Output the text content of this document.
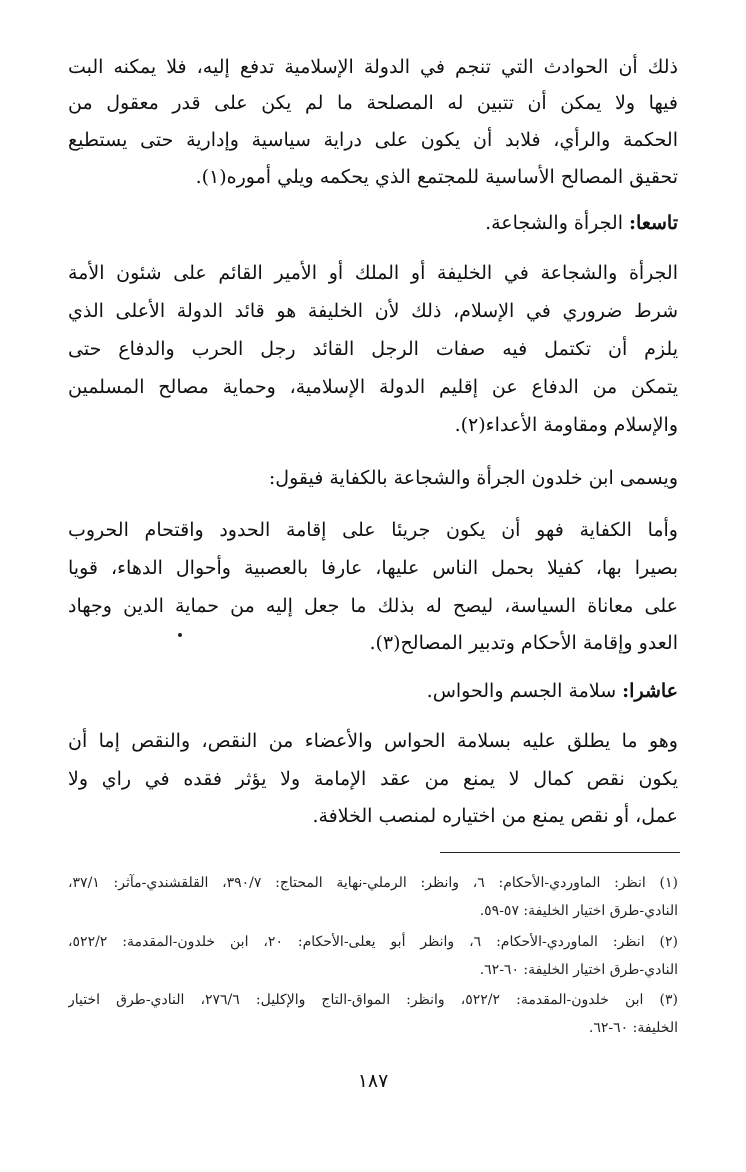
ذلك أن الحوادث التي تنجم في الدولة الإسلامية تدفع إليه، فلا يمكنه البت
فيها ولا يمكن أن تتبين له المصلحة ما لم يكن على قدر معقول من
الحكمة والرأي، فلابد أن يكون على دراية سياسية وإدارية حتى يستطيع
تحقيق المصالح الأساسية للمجتمع الذي يحكمه ويلي أموره(١).
تاسعا: الجرأة والشجاعة.
الجرأة والشجاعة في الخليفة أو الملك أو الأمير القائم على شئون الأمة
شرط ضروري في الإسلام، ذلك لأن الخليفة هو قائد الدولة الأعلى الذي
يلزم أن تكتمل فيه صفات الرجل القائد رجل الحرب والدفاع حتى
يتمكن من الدفاع عن إقليم الدولة الإسلامية، وحماية مصالح المسلمين
والإسلام ومقاومة الأعداء(٢).
ويسمى ابن خلدون الجرأة والشجاعة بالكفاية فيقول:
وأما الكفاية فهو أن يكون جريئا على إقامة الحدود واقتحام الحروب
بصيرا بها، كفيلا بحمل الناس عليها، عارفا بالعصبية وأحوال الدهاء، قويا
على معاناة السياسة، ليصح له بذلك ما جعل إليه من حماية الدين وجهاد
العدو وإقامة الأحكام وتدبير المصالح(٣).
عاشرا: سلامة الجسم والحواس.
وهو ما يطلق عليه بسلامة الحواس والأعضاء من النقص، والنقص إما أن
يكون نقص كمال لا يمنع من عقد الإمامة ولا يؤثر فقده في راي ولا
عمل، أو نقص يمنع من اختياره لمنصب الخلافة.
(١) انظر: الماوردي-الأحكام: ٦، وانظر: الرملي-نهاية المحتاج: ٣٩٠/٧، القلقشندي-مآثر: ٣٧/١،
النادي-طرق اختيار الخليفة: ٥٧-٥٩.
(٢) انظر: الماوردي-الأحكام: ٦، وانظر أبو يعلى-الأحكام: ٢٠، ابن خلدون-المقدمة: ٥٢٢/٢،
النادي-طرق اختيار الخليفة: ٦٠-٦٢.
(٣) ابن خلدون-المقدمة: ٥٢٢/٢، وانظر: المواق-التاج والإكليل: ٢٧٦/٦، النادي-طرق اختيار
الخليفة: ٦٠-٦٢.
١٨٧
